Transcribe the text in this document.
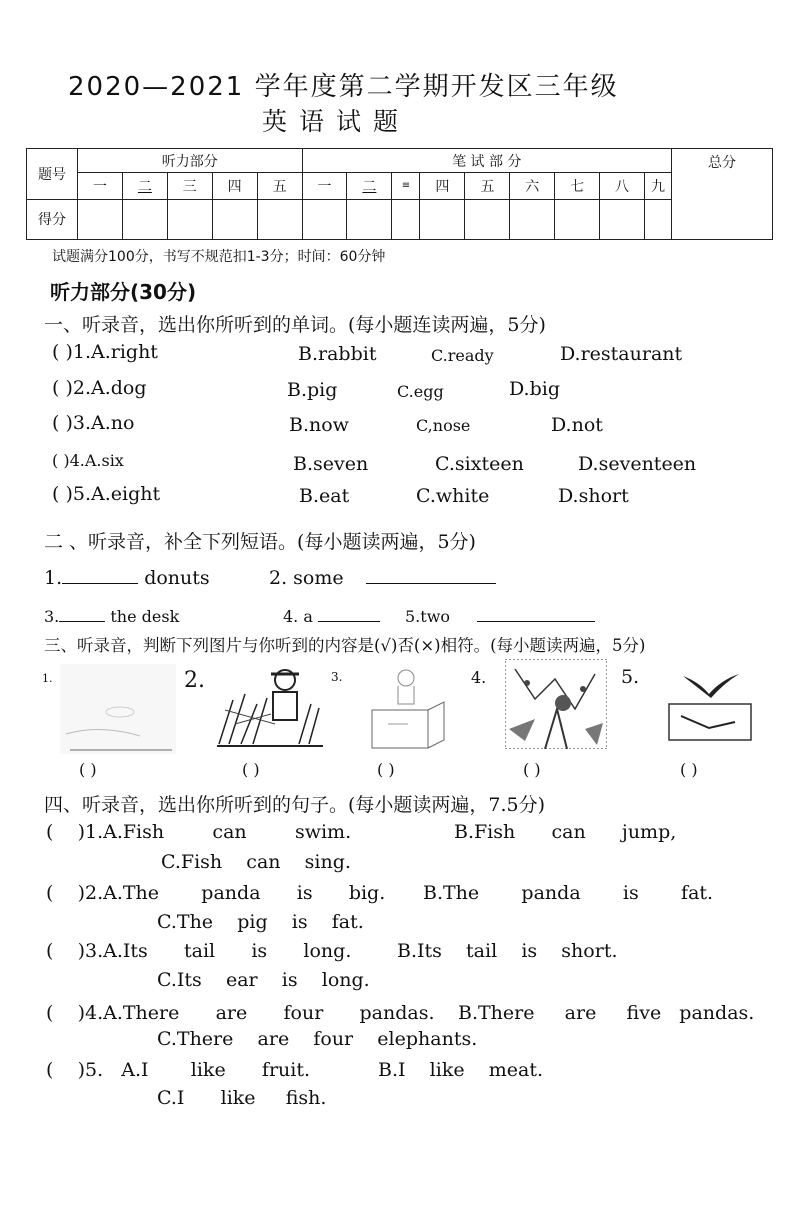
2020—2021 学年度第二学期开发区三年级
英语试题
题号	听力部分					笔 试 部 分									总分
	一	二	三	四	五	一	二	≡	四	五	六	七	八	九	
得分															
试题满分100分，书写不规范扣1-3分；时间：60分钟
听力部分(30分)
一、听录音，选出你所听到的单词。(每小题连读两遍，5分)
( )1.A.right	B.rabbit	C.ready	D.restaurant
( )2.A.dog	B.pig	C.egg	D.big
( )3.A.no	B.now	C,nose	D.not
( )4.A.six	B.seven	C.sixteen	D.seventeen
( )5.A.eight	B.eat	C.white	D.short
二 、听录音，补全下列短语。(每小题读两遍，5分)
1.	donuts	2. some
3.	the desk	4. a	5.two
三、听录音，判断下列图片与你听到的内容是(√)否(×)相符。(每小题读两遍，5分)
1.	2.	3.	4.	5.
( )	( )	( )	( )	( )
四、听录音，选出你所听到的句子。(每小题读两遍，7.5分)
(    )1.A.Fish        can        swim.	B.Fish      can      jump,
C.Fish    can    sing.
(    )2.A.The       panda      is      big. B.The       panda       is       fat.
C.The    pig    is    fat.
(    )3.A.Its      tail      is      long. B.Its    tail    is    short.
C.Its    ear    is    long.
(    )4.A.There      are      four      pandas. B.There     are     five   pandas.
C.There    are    four    elephants.
(    )5.   A.I       like      fruit.	B.I    like    meat.
C.I      like     fish.
